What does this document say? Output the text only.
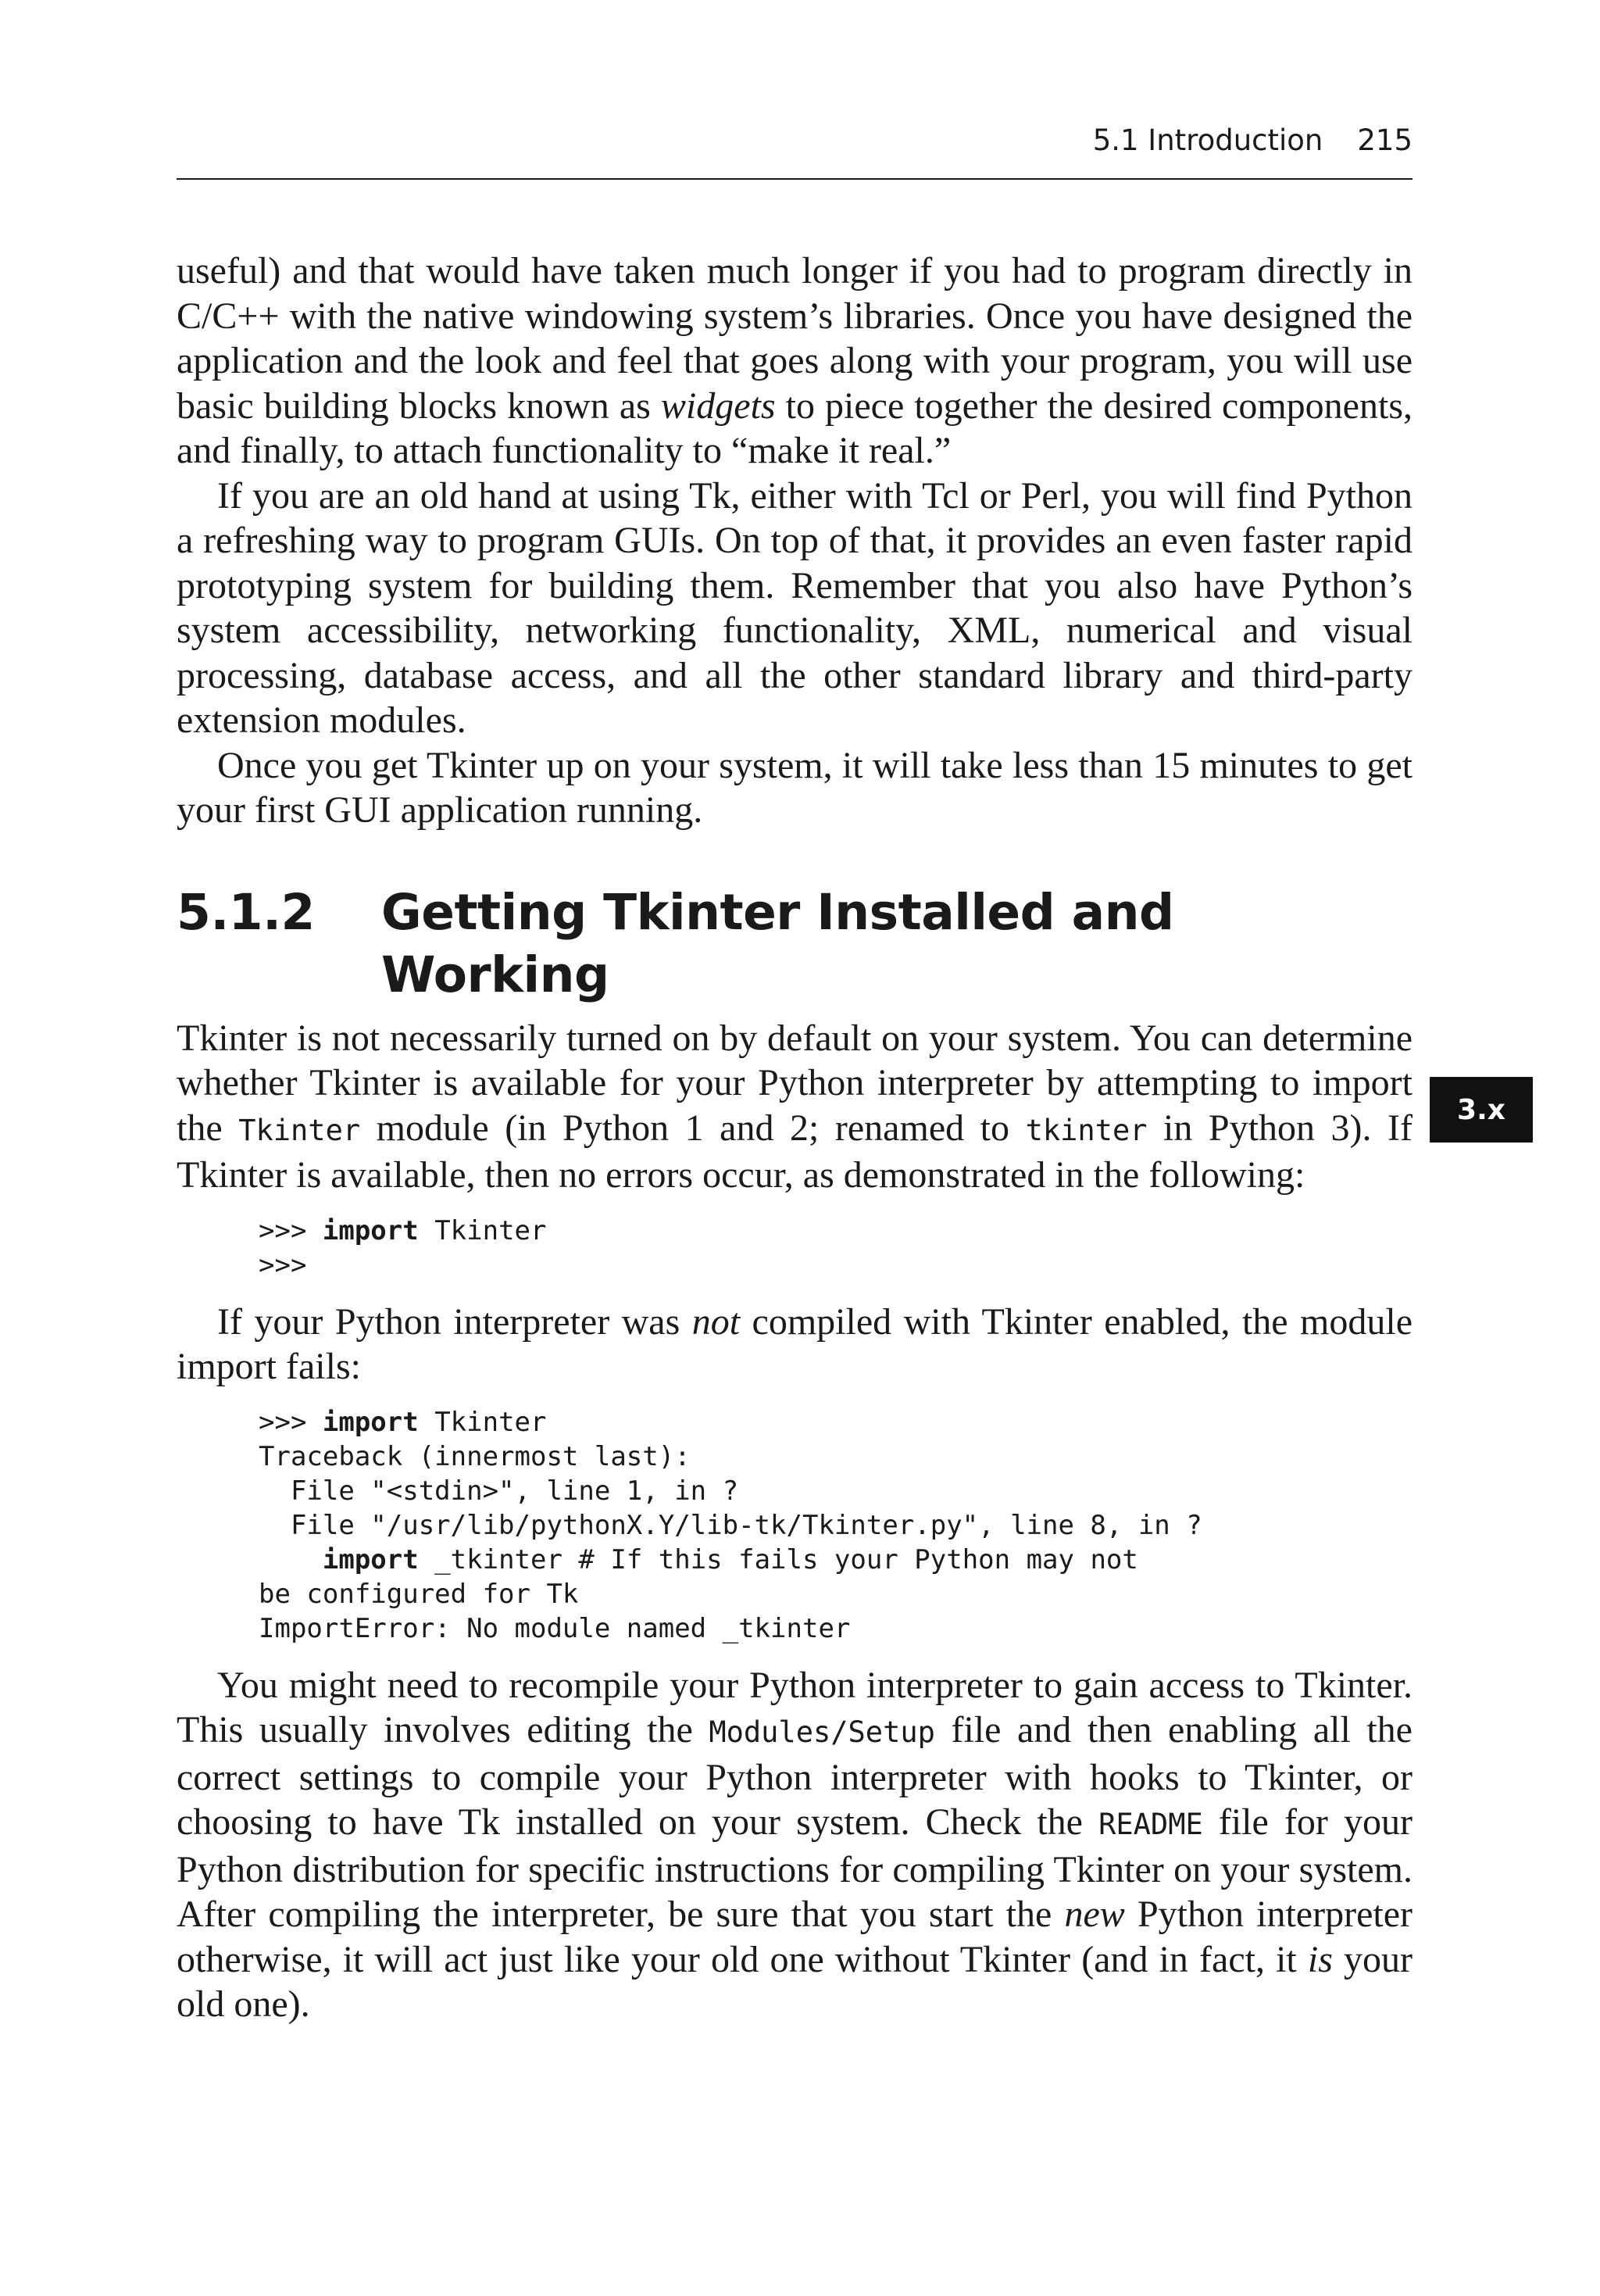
5.1 Introduction 215
3.x

useful) and that would have taken much longer if you had to program directly in C/C++ with the native windowing system’s libraries. Once you have designed the application and the look and feel that goes along with your program, you will use basic building blocks known as widgets to piece together the desired components, and finally, to attach functionality to “make it real.”

If you are an old hand at using Tk, either with Tcl or Perl, you will find Python a refreshing way to program GUIs. On top of that, it provides an even faster rapid prototyping system for building them. Remember that you also have Python’s system accessibility, networking functionality, XML, numerical and visual processing, database access, and all the other standard library and third-party extension modules.

Once you get Tkinter up on your system, it will take less than 15 minutes to get your first GUI application running.

5.1.2	Getting Tkinter Installed and Working

Tkinter is not necessarily turned on by default on your system. You can determine whether Tkinter is available for your Python interpreter by attempting to import the Tkinter module (in Python 1 and 2; renamed to tkinter in Python 3). If Tkinter is available, then no errors occur, as demonstrated in the following:

>>> import Tkinter
>>>

If your Python interpreter was not compiled with Tkinter enabled, the module import fails:

>>> import Tkinter
Traceback (innermost last):
File "<stdin>", line 1, in ?
File "/usr/lib/pythonX.Y/lib-tk/Tkinter.py", line 8, in ?
import _tkinter # If this fails your Python may not
be configured for Tk
ImportError: No module named _tkinter

You might need to recompile your Python interpreter to gain access to Tkinter. This usually involves editing the Modules/Setup file and then enabling all the correct settings to compile your Python interpreter with hooks to Tkinter, or choosing to have Tk installed on your system. Check the README file for your Python distribution for specific instructions for compiling Tkinter on your system. After compiling the interpreter, be sure that you start the new Python interpreter otherwise, it will act just like your old one without Tkinter (and in fact, it is your old one).
